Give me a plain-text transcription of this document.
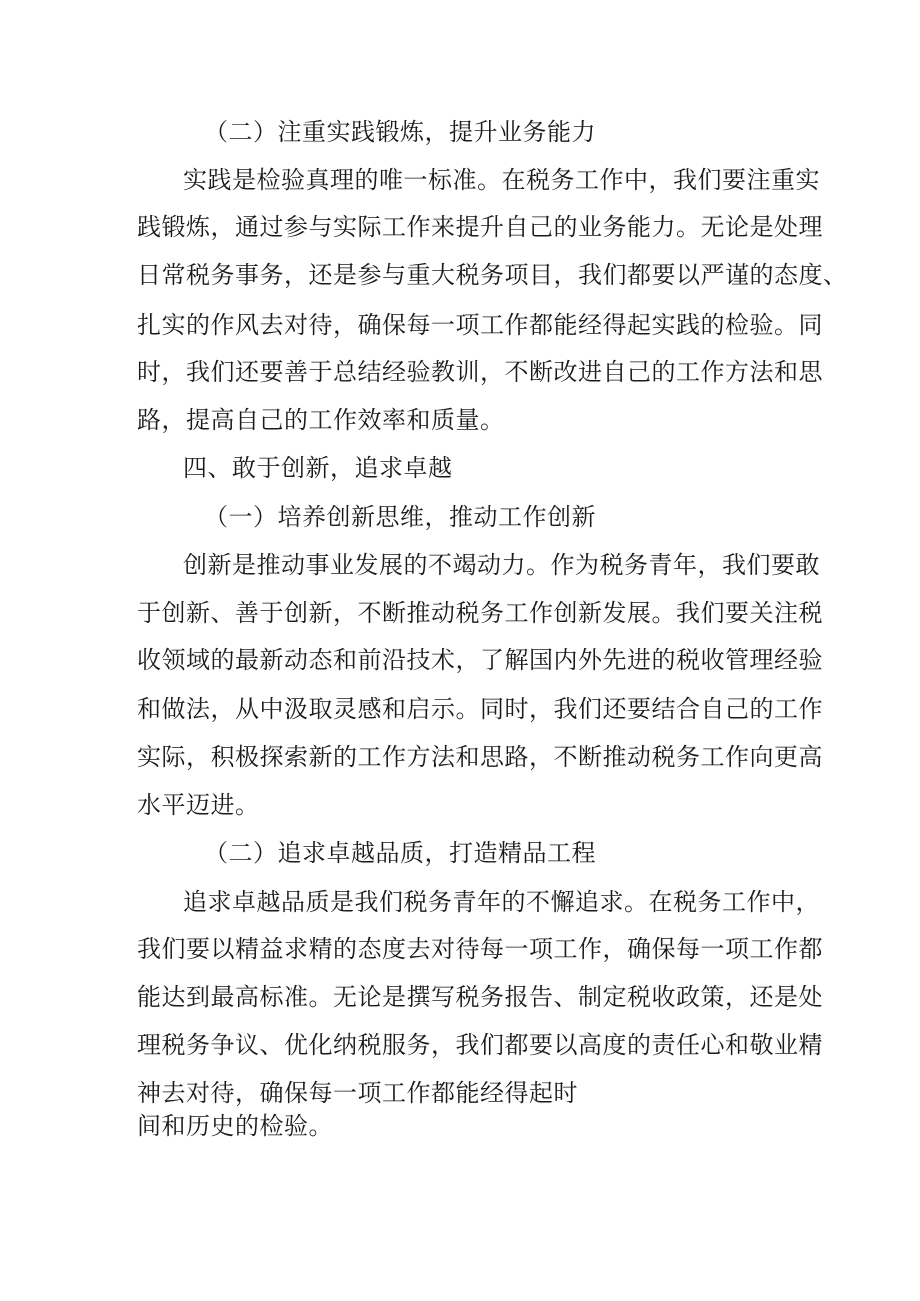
（二）注重实践锻炼，提升业务能力
实践是检验真理的唯一标准。在税务工作中，我们要注重实
践锻炼，通过参与实际工作来提升自己的业务能力。无论是处理
日常税务事务，还是参与重大税务项目，我们都要以严谨的态度、
扎实的作风去对待，确保每一项工作都能经得起实践的检验。同
时，我们还要善于总结经验教训，不断改进自己的工作方法和思
路，提高自己的工作效率和质量。
四、敢于创新，追求卓越
（一）培养创新思维，推动工作创新
创新是推动事业发展的不竭动力。作为税务青年，我们要敢
于创新、善于创新，不断推动税务工作创新发展。我们要关注税
收领域的最新动态和前沿技术，了解国内外先进的税收管理经验
和做法，从中汲取灵感和启示。同时，我们还要结合自己的工作
实际，积极探索新的工作方法和思路，不断推动税务工作向更高
水平迈进。
（二）追求卓越品质，打造精品工程
追求卓越品质是我们税务青年的不懈追求。在税务工作中，
我们要以精益求精的态度去对待每一项工作，确保每一项工作都
能达到最高标准。无论是撰写税务报告、制定税收政策，还是处
理税务争议、优化纳税服务，我们都要以高度的责任心和敬业精
神去对待，确保每一项工作都能经得起时
间和历史的检验。
